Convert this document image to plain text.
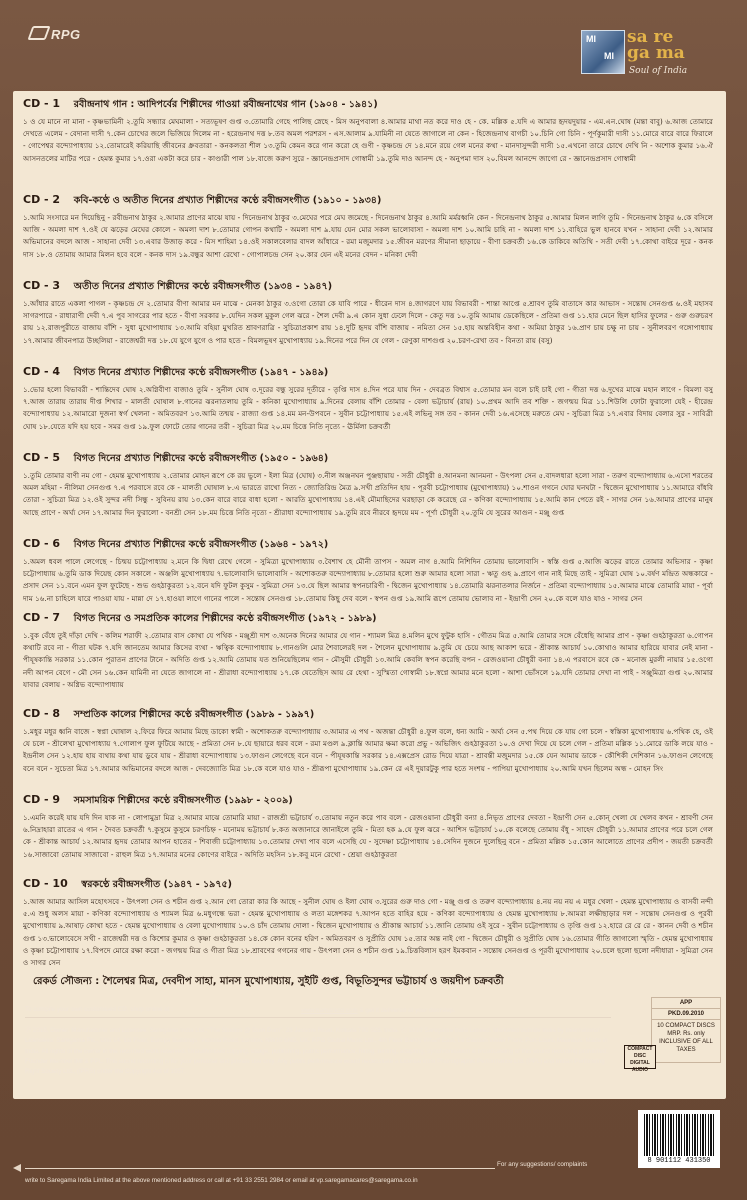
RPG	MI
MI
sa re
ga ma
Soul of India
CD - 1 রবীন্দ্রনাথ গান : আদিপর্বের শিল্পীদের গাওয়া রবীন্দ্রনাথের গান (১৯০৪ - ১৯৪১)
১ ও যে মানে না মানা - কৃষ্ণভামিনী ২.তুমি সন্ধ্যার মেঘমালা - সত্যভূষণ গুপ্ত ৩.তোমারি গেহে পালিছ স্নেহে - মিস অনুপবালা ৪.আমার মাথা নত করে দাও হে - কে. মল্লিক ৫.যদি এ আমার হৃদয়দুয়ার - এম.এন.ঘোষ (মন্তা বাবু) ৬.আজ তোমারে দেখতে এলেম - বেদানা দাসী ৭.কেন চোখের জলে ভিজিয়ে দিলেম না - হরেন্দ্রনাথ দত্ত ৮.তব অমল পরশরস - এস.আলাম ৯.যামিনী না যেতে জাগালে না কেন - হিজেন্দ্রনাথ বাগচী ১০.চিনি গো চিনি - পূর্ণকুমারী দাসী ১১.মোরে বারে বারে ফিরালে - গোপেশ্বর বন্দ্যোপাধ্যায় ১২.তোমারেই করিয়াছি জীবনের ধ্রুবতারা - কনকলতা শীল ১৩.তুমি কেমন করে গান করো হে গুণী - কৃষ্ণচন্দ্র দে ১৪.মনে রয়ে গেল মনের কথা - মানদাসুন্দরী দাসী ১৫.এখনো তারে চোখে দেখি নি - অশোক কুমার ১৬.ঐ আসনতলের মাটির পরে - হেমন্ত কুমার ১৭.ওরা একটা করে চার - কাণ্ডারী পাল ১৮.বাজে করুণ সুরে - জ্ঞানেন্দ্রপ্রসাদ গোস্বামী ১৯.তুমি দাও আনন্দ হে - অনুপমা দাস ২০.বিমল আনন্দে জাগো রে - জ্ঞানেন্দ্রপ্রসাদ গোস্বামী
CD - 2 কবি-কণ্ঠে ও অতীত দিনের প্রখ্যাত শিল্পীদের কণ্ঠে রবীন্দ্রসংগীত (১৯১০ - ১৯৩৪)
১.আমি সংসারে মন দিয়েছিনু - রবীন্দ্রনাথ ঠাকুর ২.আমার প্রাণের মাঝে যায় - দিনেন্দ্রনাথ ঠাকুর ৩.মেঘের পরে মেঘ জমেছে - দিনেন্দ্রনাথ ঠাকুর ৪.আমি মর্মরধ্বনি কেন - দিনেন্দ্রনাথ ঠাকুর ৫.আমার মিলন লাগি তুমি - দিনেন্দ্রনাথ ঠাকুর ৬.কে বসিলে আজি - অমলা দাশ ৭.ওই যে ঝড়ের মেঘের কোলে - অমলা দাশ ৮.তোমার গোপন কথাটি - অমলা দাশ ৯.যায় যেন মোর সকল ভালোবাসা - অমলা দাশ ১০.আমি চাহি না - অমলা দাশ ১১.বাহিরে ভুল হানবে যখন - সাহানা দেবী ১২.আমার অভিমানের বদলে আজ - সাহানা দেবী ১৩.এবার উজাড় করে - মিস শাহিমা ১৪.ওই সকালবেলার বাদল আঁধারে - রমা মজুমদার ১৫.জীবন মরণের সীমানা ছাড়ায়ে - বীণা চক্রবর্তী ১৬.কে ডাকিবে অতিথি - সতী দেবী ১৭.কোথা বাইরে দূরে - কনক দাস ১৮.ও তোমায় আমার মিলন হবে বলে - কনক দাস ১৯.বন্ধুর আশা রেখো - গোপালচন্দ্র সেন ২০.কার যেন এই মনের বেদন - মনিকা দেবী
CD - 3 অতীত দিনের প্রখ্যাত শিল্পীদের কণ্ঠে রবীন্দ্রসংগীত (১৯৩৪ - ১৯৪৭)
১.আঁধার রাতে একলা পাগল - কৃষ্ণচন্দ্র দে ২.তোমার বীণা আমার মন মাঝে - মেনকা ঠাকুর ৩.ওগো তোরা কে যাবি পারে - ধীরেন দাস ৪.জাগরণে যায় বিভাবরী - শান্তা আপ্তে ৫.শ্রাবণ তুমি বাতাসে কার আভাস - সন্তোষ সেনগুপ্ত ৬.ওই মহাসব সাগরপারে - রাধারাণী দেবী ৭.এ পুব সাগরের পার হতে - বীণা সরকার ৮.যেদিন সকল মুকুল গেল ঝরে - শৈল দেবী ৯.এ কোন সুধা ঢেলে দিলে - কেতু দত্ত ১০.তুমি আমায় ডেকেছিলে - প্রতিমা গুপ্ত ১১.হার মেনে ছিল হাসির ফুলের - গুরু গুরুচরণ রায় ১২.রাজপুরীতে বাজায় বাঁশি - সুধা মুখোপাধ্যায় ১৩.আমি বহিয়া মুখরিত শ্রাবণরাত্রি - সুচিত্রাপ্রকাশ রায় ১৪.দুটি হৃদয় বাঁশি বাজায় - নমিতা সেন ১৫.হায় অন্তবিহীন কথা - অমিয়া ঠাকুর ১৬.প্রাণ চায় চক্ষু না চায় - সুনীলবরণ গঙ্গোপাধ্যায় ১৭.আমার জীবনপাত্র উচ্ছলিয়া - রাজেশ্বরী দত্ত ১৮.যে যুগে যুগে ও পার হতে - বিমলভূষণ মুখোপাধ্যায় ১৯.দিনের পরে দিন যে গেল - রেণুকা দাশগুপ্ত ২০.চরণ-রেখা তব - বিনতা রায় (বসু)
CD - 4 বিগত দিনের প্রখ্যাত শিল্পীদের কণ্ঠে রবীন্দ্রসংগীত (১৯৪৭ - ১৯৪৯)
১.ভোর হলো বিভাবরী - শান্তিদেব ঘোষ ২.অগ্নিবীণা বাজাও তুমি - সুনীল ঘোষ ৩.দূরের বন্ধু সুরের দূতীরে - তৃপ্তি দাস ৪.দিন পরে যায় দিন - দেবব্রত বিশ্বাস ৫.তোমার মন বলে চাই চাই গো - গীতা দত্ত ৬.দুখের মাঝে মহান লাগে - বিমলা বসু ৭.আজ তারায় তারায় দীপ্ত শিখার - মালতী ঘোষাল ৮.গানের ঝরনাতলায় তুমি - কনিকা মুখোপাধ্যায় ৯.দিনের বেলায় বাঁশি তোমার - বেলা ভট্টাচার্য (রায়) ১০.প্রথম আদি তব শক্তি - জগন্ময় মিত্র ১১.শিউলি ফোটা ফুরালো যেই - হীরেন্দ্র বন্দ্যোপাধ্যায় ১২.আমারো দুজনা স্বর্গ খেলনা - অমিতবরণ ১৩.আমি তন্ময় - রাজ্যা গুপ্ত ১৪.মম মন-উপবনে - সুবীন চট্টোপাধ্যায় ১৫.এই লভিনু সঙ্গ তব - কানন দেবী ১৬.এসেছে মরুতে মেঘ - সুচিত্রা মিত্র ১৭.এবার বিদায় বেলার সুর - সাবিত্রী ঘোষ ১৮.যেতে যদি হয় হবে - সমর গুপ্ত ১৯.ফুল ফোটে তোর গানের তরী - সুচিত্রা মিত্র ২০.মম চিত্তে নিতি নৃত্যে - ঊর্মিলা চক্রবর্তী
CD - 5 বিগত দিনের প্রখ্যাত শিল্পীদের কণ্ঠে রবীন্দ্রসংগীত (১৯৫০ - ১৯৬৪)
১.তুমি তোমার বাণী নম গো - হেমন্ত মুখোপাধ্যায় ২.তোমার মোহন রূপে কে রয় ভুলে - ইলা মিত্র (ঘোষ) ৩.নীল অঞ্জনঘন পুঞ্জছায়ায় - সতী চৌধুরী ৪.আনমনা আনমনা - উৎপলা সেন ৫.বাদলধারা হলো সারা - তরুণ বন্দ্যোপাধ্যায় ৬.এসো শরতের অমল মহিমা - নীলিমা সেনগুপ্ত ৭.এ পরবাসে রবে কে - মালতী ঘোষাল ৮.এ ভারতে রাখো নিত্য - জ্যোতিরিন্দ্র মৈত্র ৯.সখী প্রতিদিন হায় - পূরবী চট্টোপাধ্যায় (মুখোপাধ্যায়) ১০.শাওন গগনে ঘোর ঘনঘটা - দ্বিজেন মুখোপাধ্যায় ১১.আমারে বাঁধবি তোরা - সুচিত্রা মিত্র ১২.ওই সুন্দর নদী সিন্ধু - সুবিনয় রায় ১৩.কেন বারে বারে বাধা হলো - আরতি মুখোপাধ্যায় ১৪.এই মৌমাছিদের ঘরছাড়া কে করেছে রে - কণিকা বন্দ্যোপাধ্যায় ১৫.আমি কান পেতে রই - সাগর সেন ১৬.আমার প্রাণের মানুষ আছে প্রাণে - অর্ঘ্য সেন ১৭.আমার দিন ফুরালো - বনশ্রী সেন ১৮.মম চিত্তে নিতি নৃত্যে - শ্রীরাধা বন্দ্যোপাধ্যায় ১৯.তুমি রবে নীরবে হৃদয়ে মম - পূর্ণা চৌধুরী ২০.তুমি যে সুরের আগুন - মঞ্জু গুপ্ত
CD - 6 বিগত দিনের প্রখ্যাত শিল্পীদের কণ্ঠে রবীন্দ্রসংগীত (১৯৬৪ - ১৯৭২)
১.অমল ধবল পালে লেগেছে - চিন্ময় চট্টোপাধ্যায় ২.মনে কি দ্বিধা রেখে গেলে - সুমিত্রা মুখোপাধ্যায় ৩.বৈশাখ হে মৌনী তাপস - অমল নাগ ৪.আমি নিশিদিন তোমায় ভালোবাসি - স্বস্তি গুপ্ত ৫.আজি ঝড়ের রাতে তোমার অভিসার - কৃষ্ণা চট্টোপাধ্যায় ৬.তুমি ডাক দিয়েছ কোন সকালে - অঞ্জলি মুখোপাধ্যায় ৭.ভালোবাসি ভালোবাসি - অশোকতরু বন্দ্যোপাধ্যায় ৮.তোমার হলো শুরু আমার হলো সারা - ঋতু গুহ ৯.প্রাণে গান নাই মিছে তাই - সুমিত্রা ঘোষ ১০.বর্ষণ মন্দ্রিত অন্ধকারে - প্রসাদ সেন ১১.বনে এমন ফুল ফুটেছে - শুভ গুহঠাকুরতা ১২.বনে যদি ফুটল কুসুম - সুমিত্রা সেন ১৩.যে ছিল আমার স্বপনচারিণী - দ্বিজেন মুখোপাধ্যায় ১৪.তোমারি ঝরনাতলার নির্জনে - প্রতিমা বন্দ্যোপাধ্যায় ১৫.আমার মাঝে তোমারি মায়া - পূর্বা দাম ১৬.না চাহিলে যারে পাওয়া যায় - মান্না দে ১৭.হাওয়া লাগে গানের পালে - সন্তোষ সেনগুপ্ত ১৮.তোমায় কিছু দেব বলে - স্বপন গুপ্ত ১৯.আমি রূপে তোমায় ভোলাব না - ইন্দ্রাণী সেন ২০.কে বলে যাও যাও - সাগর সেন
CD - 7 বিগত দিনের ও সমপ্রতিক কালের শিল্পীদের কণ্ঠে রবীন্দ্রসংগীত (১৯৭২ - ১৯৮৯)
১.বুক বেঁধে তুই দাঁড়া দেখি - কলিম শরাফী ২.তোমার বাস কোথা যে পথিক - মঞ্জুশ্রী দাশ ৩.অনেক দিনের আমার যে গান - শ্যামল মিত্র ৪.মলিন মুখে ফুটুক হাসি - গৌতম মিত্র ৫.আমি তোমার সঙ্গে বেঁধেছি আমার প্রাণ - কৃষ্ণা গুহঠাকুরতা ৬.গোপন কথাটি রবে না - গীতা ঘটক ৭.যদি জানতেম আমার কিসের ব্যথা - ঋত্বিক বন্দ্যোপাধ্যায় ৮.গানগুলি মোর শৈবালেরই দল - শৈলেন মুখোপাধ্যায় ৯.তুমি যে চেয়ে আছ আকাশ ভরে - শ্রীকান্ত আচার্য ১০.কোথাও আমার হারিয়ে যাবার নেই মানা - পীযূষকান্তি সরকার ১১.কোন পুরাতন প্রাণের টানে - অদিতি গুপ্ত ১২.আমি তোমায় যত শুনিয়েছিলেম গান - মৌসুমী চৌধুরী ১৩.আমি কেবলি স্বপন করেছি বপন - রেজওয়ানা চৌধুরী বন্যা ১৪.এ পরবাসে রবে কে - মনোজ মুরলী নায়ার ১৫.ওগো নদী আপন বেগে - মৌ সেন ১৬.কেন যামিনী না যেতে জাগালে না - শ্রীরাধা বন্দ্যোপাধ্যায় ১৭.কে যেতেছিস আয় রে হেথা - সুস্মিতা গোস্বামী ১৮.স্বপ্নে আমার মনে হলো - আশা ভোঁসলে ১৯.যদি তোমার দেখা না পাই - সঞ্জুমিত্রা গুপ্ত ২০.আমার যাবার বেলায় - অগ্নিভ বন্দ্যোপাধ্যায়
CD - 8 সম্প্রতিক কালের শিল্পীদের কণ্ঠে রবীন্দ্রসংগীত (১৯৮৯ - ১৯৯৭)
১.মধুর মধুর ধ্বনি বাজে - স্বপ্না ঘোষাল ২.ফিরে ফিরে আমায় মিছে ডাকো স্বামী - অশোকতরু বন্দ্যোপাধ্যায় ৩.আমার এ পথ - অজন্তা চৌধুরী ৪.ফুল বলে, ধন্য আমি - অর্ঘ্য সেন ৫.পথ দিয়ে কে যায় গো চলে - স্বস্তিকা মুখোপাধ্যায় ৬.পথিক হে, ওই যে চলে - শ্রীলেখা মুখোপাধ্যায় ৭.গোলাপ ফুল ফুটিয়ে আছে - প্রমিতা সেন ৮.যে ছায়ারে ধরব বলে - রমা মণ্ডল ৯.ক্লান্তি আমার ক্ষমা করো প্রভু - অভিজিৎ গুহঠাকুরতা ১০.ও দেখা দিয়ে যে চলে গেল - প্রতিমা মল্লিক ১১.মোরে ডাকি লয়ে যাও - ইন্দ্রনীল সেন ১২.হায় হায় ব্যথায় কথা যায় ডুবে যায় - শ্রীরাধা বন্দ্যোপাধ্যায় ১৩.ফাগুন লেগেছে বনে বনে - পীযূষকান্তি সরকার ১৪.এক্সপ্রেস রোড দিয়ে যাত্রা - শ্রাবন্তী মজুমদার ১৫.কে যেন আমায় ডাকে - কৌশিকী দেশিকান ১৬.ফাগুন লেগেছে বনে বনে - সুচেতা মিত্র ১৭.আমার অভিমানের বদলে আজ - দেবজ্যোতি মিত্র ১৮.কে বলে যাও যাও - শ্রীরূপা মুখোপাধ্যায় ১৯.কেন রে এই দুয়ারটুকু পার হতে সংশয় - পাপিয়া মুখোপাধ্যায় ২০.আমি যখন ছিলেম অন্ধ - মোহন সিং
CD - 9 সমসাময়িক শিল্পীদের কণ্ঠে রবীন্দ্রসংগীত (১৯৯৮ - ২০০৯)
১.এমনি করেই যায় যদি দিন যাক না - লোপামুদ্রা মিত্র ২.আমার মাঝে তোমারি মায়া - রাজশ্রী ভট্টাচার্য ৩.তোমায় নতুন করে পাব বলে - রেজওয়ানা চৌধুরী বন্যা ৪.নিভৃত প্রাণের দেবতা - ইন্দ্রাণী সেন ৫.কোন্ খেলা যে খেলব কখন - শ্রাবণী সেন ৬.নিদ্রাহারা রাতের এ গান - দৈবত চক্রবর্তী ৭.কুসুমে কুসুমে চরণচিহ্ন - মনোময় ভট্টাচার্য ৮.কত অজানারে জানাইলে তুমি - মিতা হক ৯.যে ফুল ঝরে - আশিস ভট্টাচার্য ১০.কে বলেছে তোমায় বঁধু - সাহেদ চৌধুরী ১১.আমার প্রাণের পরে চলে গেল কে - শ্রীকান্ত আচার্য ১২.আমার হৃদয় তোমার আপন হাতের - শিবাজী চট্টোপাধ্যায় ১৩.তোমার দেখা পাব বলে এসেছি যে - সুদেষ্ণা চট্টোপাধ্যায় ১৪.সেদিন দুজনে দুলেছিনু বনে - প্রমিতা মল্লিক ১৫.কোন আলোতে প্রাণের প্রদীপ - জয়তী চক্রবর্তী ১৬.সাজাবো তোমায় সাজাবো - রাহুল মিত্র ১৭.আমার মনের কোণের বাইরে - অদিতি মহসিন ১৮.কবু মনে রেখো - শ্রেয়া গুহঠাকুরতা
CD - 10 স্বরকণ্ঠে রবীন্দ্রসংগীত (১৯৪৭ - ১৯৭৫)
১.আজ আমার আসিল মহোৎসবে - উৎপলা সেন ও শচীন গুপ্ত ২.আন গো তোরা কার কি আছে - সুনীল ঘোষ ও ইলা ঘোষ ৩.সুরের গুরু দাও গো - মঞ্জু গুপ্ত ও তরুণ বন্দ্যোপাধ্যায় ৪.নয় নয় নয় এ মধুর খেলা - হেমন্ত মুখোপাধ্যায় ও বাসবী নন্দী ৫.এ শুধু অলস মায়া - কণিকা বন্দ্যোপাধ্যায় ও শ্যামল মিত্র ৬.মধুগন্ধে ভরা - হেমন্ত মুখোপাধ্যায় ও লতা মঙ্গেশকর ৭.আপন হতে বাহির হয়ে - কণিকা বন্দ্যোপাধ্যায় ও হেমন্ত মুখোপাধ্যায় ৮.আমরা লক্ষীছাড়ার দল - সন্তোষ সেনগুপ্ত ও পূরবী মুখোপাধ্যায় ৯.আষাঢ় কোথা হতে - হেমন্ত মুখোপাধ্যায় ও বেলা মুখোপাধ্যায় ১০.ও চাঁদ তোমায় দোলা - দ্বিজেন মুখোপাধ্যায় ও শ্রীকান্ত আচার্য ১১.জানি তোমায় ওই সুরে - সুবীন চট্টোপাধ্যায় ও তৃপ্তি গুপ্ত ১২.হারে রে রে রে - কানন দেবী ও শচীন গুপ্ত ১৩.ভালোবেসে সখী - রাজেশ্বরী দত্ত ও কিশোর কুমার ও কৃষ্ণা গুহঠাকুরতা ১৪.কে কোন বনের হরিণ - অমিতবরণ ও সুপ্রীতি ঘোষ ১৫.তার অন্ত নাই গো - দ্বিজেন চৌধুরী ও সুপ্রীতি ঘোষ ১৬.তোমার গীতি জাগালো স্মৃতি - হেমন্ত মুখোপাধ্যায় ও কৃষ্ণা চট্টোপাধ্যায় ১৭.বিপদে মোরে রক্ষা করো - জগন্ময় মিত্র ও গীতা মিত্র ১৮.শ্রাবণের গগনের গায় - উৎপলা সেন ও শচীন গুপ্ত ১৯.চিত্তবিলাস হরণ ইমকবান - সন্তোষ সেনগুপ্ত ও পূরবী মুখোপাধ্যায় ২০.চলে ছলো ছলো নদীধারা - সুমিত্রা সেন ও সাগর সেন
রেকর্ড সৌজন্য : শৈলেশ্বর মিত্র, দেবদীপ সাহা, মানস মুখোপাধ্যায়, সুইটি গুপ্ত, বিভূতিসুন্দর ভট্টাচার্য ও জয়দীপ চক্রবর্তী
To compile your own customised CD, shop online at :	www.hamaracd.com & get it delivered at your doorstep.
Ⓟ 2010, Owner, Manufacturer and Licensee: Saregama India Ltd.,"The Studios @ Dum Dum", 33 Jessore Road, Kolkata 700 028, India. Ⓒ 2010 Saregama India Limited. Marketed outside India by International Licensees: Saregama Plc., Unit 14, 1st Floor, Europa Buildings, Victoria Road, London, NW10 6ND, UK. RPG Global Music Ltd., 4th Floor Barkly Wharf East, Le Caudan Water Front, Port-Louis, Mauritius. Made in India. All rights of the owner in the recorded work reserved. Unauthorised copying, usage, publishing, public performance, hiring, renting, adapting, synchronisation & broadcasting of this sound recording prohibited. Founder Member IMI & PPL. This sound recording is for your personal and private use only. Any public performance would necessitate a License from Phonographic Performance Ltd. (PPL) and Indian Performing Right Society Ltd., (IPRS) under the Copyright Act of 1957.
APP
PKD.09.2010
10 COMPACT DISCS
MRP. Rs. only
INCLUSIVE OF ALL TAXES
COMPACT
DISC
DIGITAL AUDIO
8 901112 431350
For any suggestions/ complaints
write to Saregama India Limited at the above mentioned address or call at +91 33 2551 2984 or email at vp.saregamacares@saregama.co.in
